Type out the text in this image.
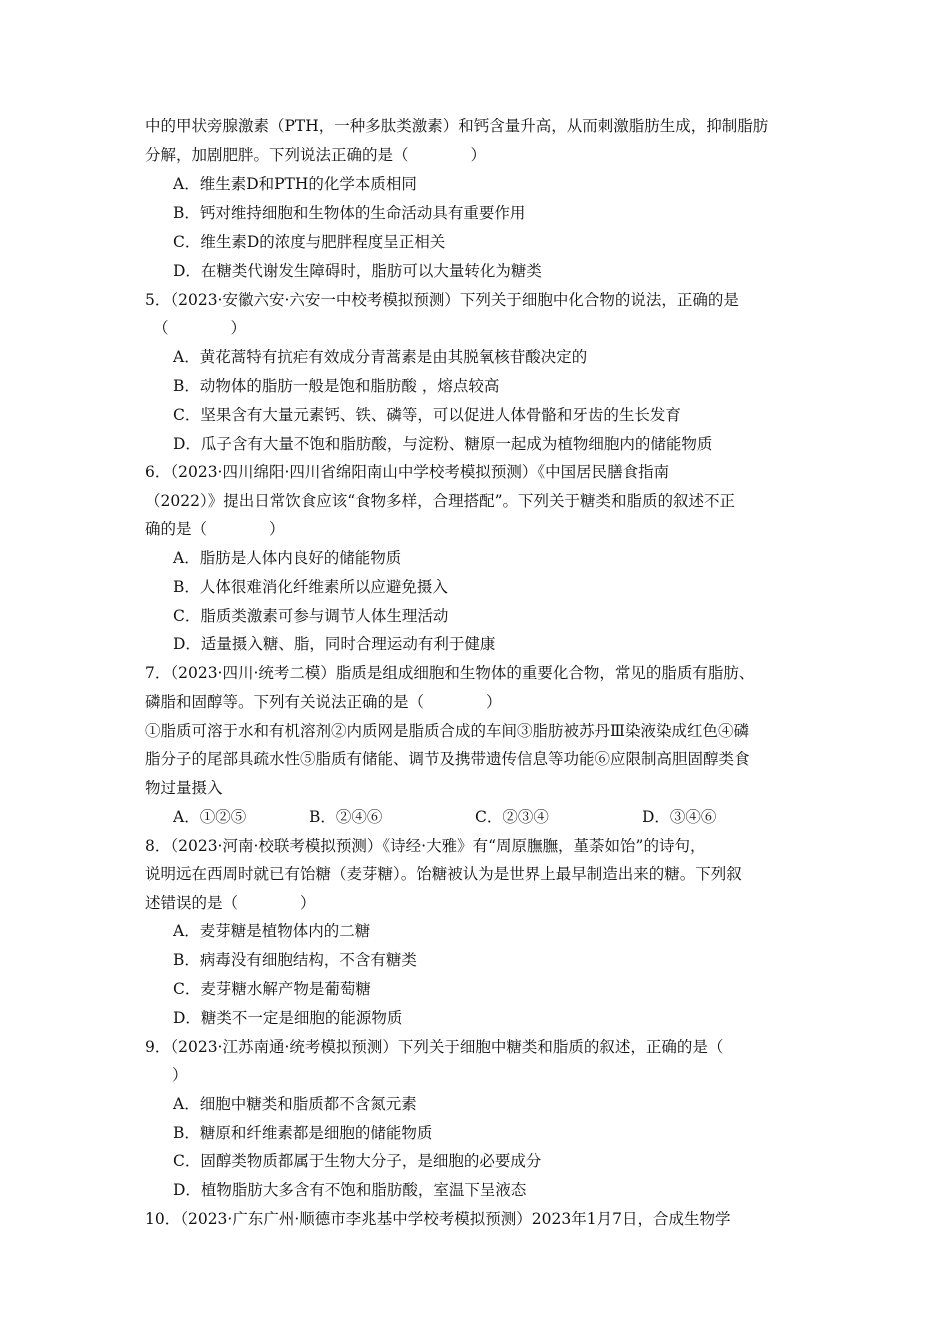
中的甲状旁腺激素（PTH，一种多肽类激素）和钙含量升高，从而刺激脂肪生成，抑制脂肪
分解，加剧肥胖。下列说法正确的是（　　　　）
A．维生素D和PTH的化学本质相同
B．钙对维持细胞和生物体的生命活动具有重要作用
C．维生素D的浓度与肥胖程度呈正相关
D．在糖类代谢发生障碍时，脂肪可以大量转化为糖类
5．（2023·安徽六安·六安一中校考模拟预测）下列关于细胞中化合物的说法，正确的是
（　　　　）
A．黄花蒿特有抗疟有效成分青蒿素是由其脱氧核苷酸决定的
B．动物体的脂肪一般是饱和脂肪酸 ，熔点较高
C．坚果含有大量元素钙、铁、磷等，可以促进人体骨骼和牙齿的生长发育
D．瓜子含有大量不饱和脂肪酸，与淀粉、糖原一起成为植物细胞内的储能物质
6．（2023·四川绵阳·四川省绵阳南山中学校考模拟预测）《中国居民膳食指南
（2022）》提出日常饮食应该“食物多样，合理搭配”。下列关于糖类和脂质的叙述不正
确的是（　　　　）
A．脂肪是人体内良好的储能物质
B．人体很难消化纤维素所以应避免摄入
C．脂质类激素可参与调节人体生理活动
D．适量摄入糖、脂，同时合理运动有利于健康
7．（2023·四川·统考二模）脂质是组成细胞和生物体的重要化合物，常见的脂质有脂肪、
磷脂和固醇等。下列有关说法正确的是（　　　　）
①脂质可溶于水和有机溶剂②内质网是脂质合成的车间③脂肪被苏丹Ⅲ染液染成红色④磷
脂分子的尾部具疏水性⑤脂质有储能、调节及携带遗传信息等功能⑥应限制高胆固醇类食
物过量摄入
A．①②⑤	B．②④⑥	C．②③④	D．③④⑥
8．（2023·河南·校联考模拟预测）《诗经·大雅》有“周原膴膴，堇荼如饴”的诗句，
说明远在西周时就已有饴糖（麦芽糖）。饴糖被认为是世界上最早制造出来的糖。下列叙
述错误的是（　　　　）
A．麦芽糖是植物体内的二糖
B．病毒没有细胞结构，不含有糖类
C．麦芽糖水解产物是葡萄糖
D．糖类不一定是细胞的能源物质
9．（2023·江苏南通·统考模拟预测）下列关于细胞中糖类和脂质的叙述，正确的是（
）
A．细胞中糖类和脂质都不含氮元素
B．糖原和纤维素都是细胞的储能物质
C．固醇类物质都属于生物大分子，是细胞的必要成分
D．植物脂肪大多含有不饱和脂肪酸，室温下呈液态
10．（2023·广东广州·顺德市李兆基中学校考模拟预测）2023年1月7日，合成生物学
